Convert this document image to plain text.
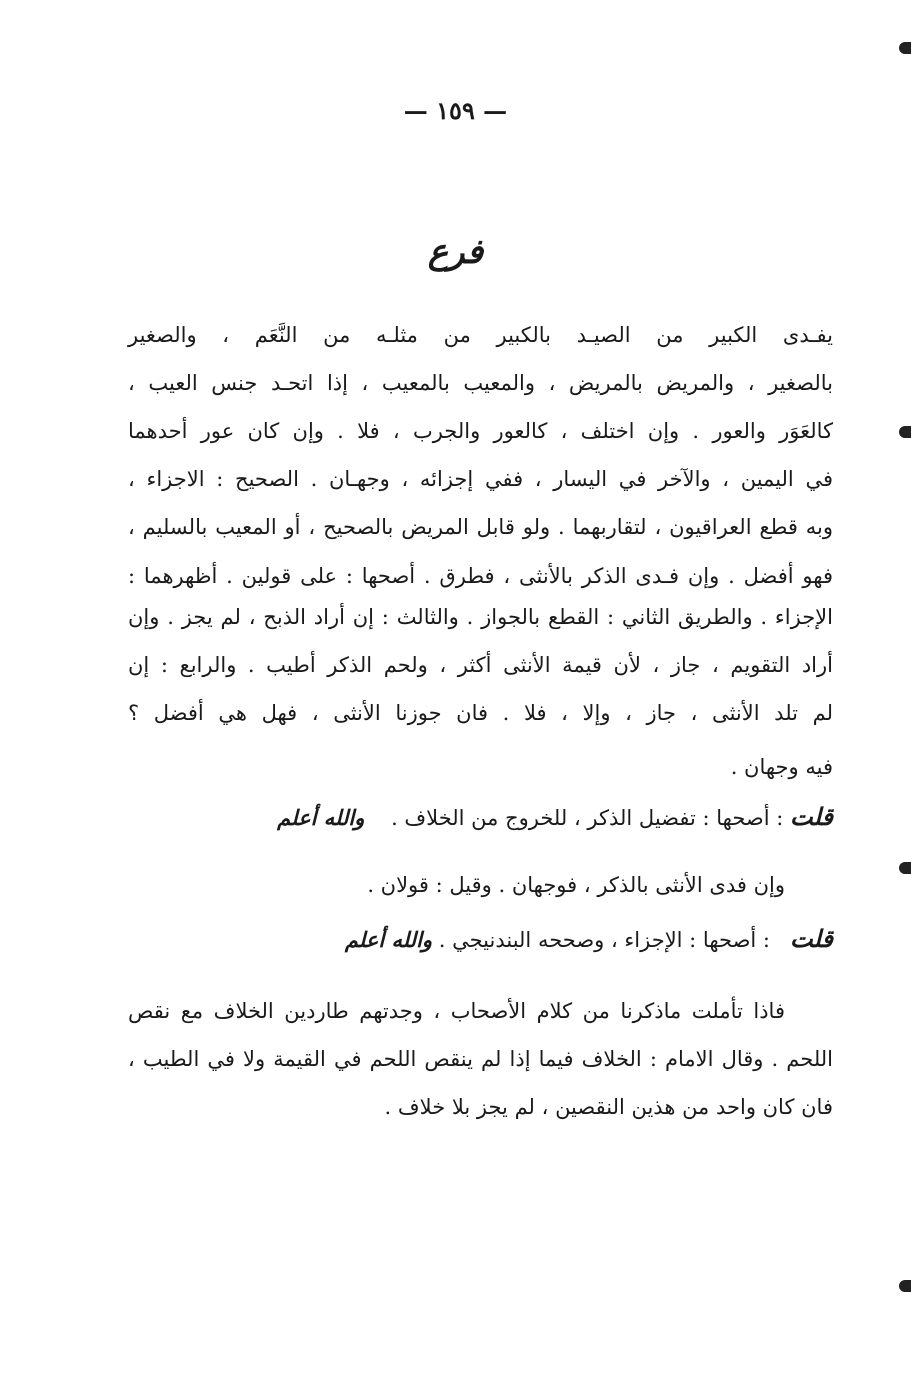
— ١٥٩ —
فرع
يفـدى الكبير من الصيـد بالكبير من مثلـه من النَّعَم ، والصغير
بالصغير ، والمريض بالمريض ، والمعيب بالمعيب ، إذا اتحـد جنس العيب ،
كالعَوَر والعور . وإن اختلف ، كالعور والجرب ، فلا . وإن كان عور أحدهما
في اليمين ، والآخر في اليسار ، ففي إجزائه ، وجهـان . الصحيح : الاجزاء ،
وبه قطع العراقيون ، لتقاربهما . ولو قابل المريض بالصحيح ، أو المعيب بالسليم ،
فهو أفضل . وإن فـدى الذكر بالأنثى ، فطرق . أصحها : على قولين . أظهرهما :
الإجزاء . والطريق الثاني : القطع بالجواز . والثالث : إن أراد الذبح ، لم يجز . وإن
أراد التقويم ، جاز ، لأن قيمة الأنثى أكثر ، ولحم الذكر أطيب . والرابع : إن
لم تلد الأنثى ، جاز ، وإلا ، فلا . فان جوزنا الأنثى ، فهل هي أفضل ؟
فيه وجهان .
قلت : أصحها : تفضيل الذكر ، للخروج من الخلاف .    والله أعلم
وإن فدى الأنثى بالذكر ، فوجهان . وقيل : قولان .
قلت   : أصحها : الإجزاء ، وصححه البندنيجي . والله أعلم
فاذا تأملت ماذكرنا من كلام الأصحاب ، وجدتهم طاردين الخلاف مع نقص
اللحم . وقال الامام : الخلاف فيما إذا لم ينقص اللحم في القيمة ولا في الطيب ،
فان كان واحد من هذين النقصين ، لم يجز بلا خلاف .
